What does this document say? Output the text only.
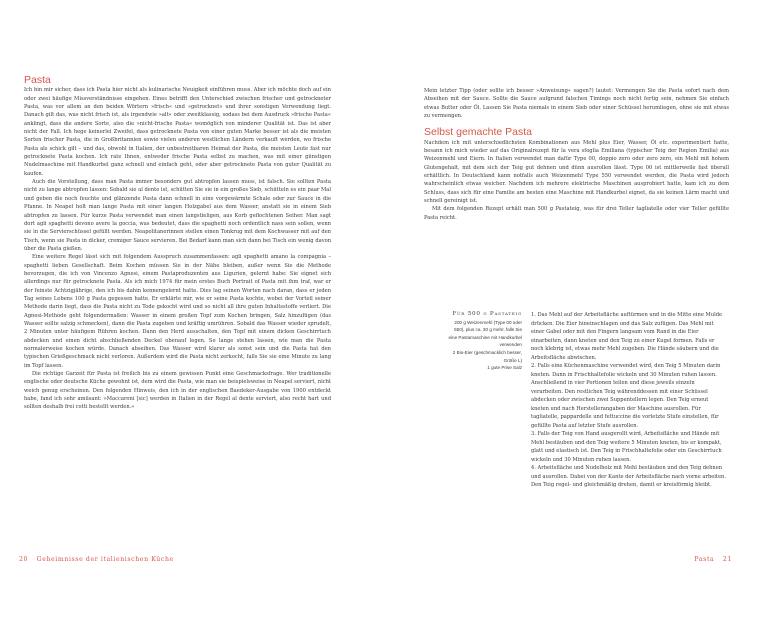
Pasta

Ich bin mir sicher, dass ich Pasta hier nicht als kulinarische Neuigkeit einführen muss. Aber ich möchte doch auf ein oder zwei häufige Missverständnisse eingehen. Eines betrifft den Unterschied zwischen frischer und getrockneter Pasta, was vor allem an den beiden Wörtern »frisch« und »getrocknet« und ihrer sonstigen Verwendung liegt. Danach gilt das, was nicht frisch ist, als irgendwie »alt« oder zweitklassig, sodass bei dem Ausdruck »frische Pasta« anklingt, dass die andere Sorte, also die »nicht-frische Pasta« womöglich von minderer Qualität ist. Das ist aber nicht der Fall. Ich hege keinerlei Zweifel, dass getrocknete Pasta von einer guten Marke besser ist als die meisten Sorten frischer Pasta, die in Großbritannien sowie vielen anderen westlichen Ländern verkauft werden, wo frische Pasta als schick gilt – und das, obwohl in Italien, der unbestreitbaren Heimat der Pasta, die meisten Leute fast nur getrocknete Pasta kochen. Ich rate Ihnen, entweder frische Pasta selbst zu machen, was mit einer günstigen Nudelmaschine mit Handkurbel ganz schnell und einfach geht, oder aber getrocknete Pasta von guter Qualität zu kaufen.

Auch die Vorstellung, dass man Pasta immer besonders gut abtropfen lassen muss, ist falsch. Sie sollten Pasta nicht zu lange abtropfen lassen: Sobald sie al dente ist, schütten Sie sie in ein großes Sieb, schütteln es ein paar Mal und geben die noch feuchte und glänzende Pasta dann schnell in eine vorgewärmte Schale oder zur Sauce in die Pfanne. In Neapel holt man lange Pasta mit einer langen Holzgabel aus dem Wasser, anstatt sie in einem Sieb abtropfen zu lassen. Für kurze Pasta verwendet man einen langstieligen, aus Korb geflochtenen Seiher. Man sagt dort agli spaghetti devono avere la goccia, was bedeutet, dass die spaghetti noch ordentlich nass sein sollen, wenn sie in die Servierschüssel gefüllt werden. Neapolitanerinnen stellen einen Tonkrug mit dem Kochwasser mit auf den Tisch, wenn sie Pasta in dicker, cremiger Sauce servieren. Bei Bedarf kann man sich dann bei Tisch ein wenig davon über die Pasta gießen.

Eine weitere Regel lässt sich mit folgendem Ausspruch zusammenfassen: agli spaghetti amano la compagnia – spaghetti lieben Gesellschaft. Beim Kochen müssen Sie in der Nähe bleiben, außer wenn Sie die Methode bevorzugen, die ich von Vincenzo Agnesi, einem Pastaproduzenten aus Ligurien, gelernt habe: Sie eignet sich allerdings nur für getrocknete Pasta. Als ich mich 1974 für mein erstes Buch Portrait of Pasta mit ihm traf, war er der feinste Achtzigjährige, den ich bis dahin kennengelernt hatte. Dies lag seinen Worten nach daran, dass er jeden Tag seines Lebens 100 g Pasta gegessen hatte. Er erklärte mir, wie er seine Pasta kochte, wobei der Vorteil seiner Methode darin liegt, dass die Pasta nicht zu Tode gekocht wird und so nicht all ihre guten Inhaltsstoffe verliert. Die Agnesi-Methode geht folgendermaßen: Wasser in einem großen Topf zum Kochen bringen, Salz hinzufügen (das Wasser sollte salzig schmecken), dann die Pasta zugeben und kräftig umrühren. Sobald das Wasser wieder sprudelt, 2 Minuten unter häufigem Rühren kochen. Dann den Herd ausschalten, den Topf mit einem dicken Geschirrtuch abdecken und einen dicht abschließenden Deckel obenauf legen. So lange stehen lassen, wie man die Pasta normalerweise kochen würde. Danach abseihen. Das Wasser wird klarer als sonst sein und die Pasta hat den typischen Grießgeschmack nicht verloren. Außerdem wird die Pasta nicht zerkocht, falls Sie sie eine Minute zu lang im Topf lassen.

Die richtige Garzeit für Pasta ist freilich bis zu einem gewissen Punkt eine Geschmacksfrage. Wer traditionelle englische oder deutsche Küche gewohnt ist, dem wird die Pasta, wie man sie beispielsweise in Neapel serviert, nicht weich genug erscheinen. Den folgenden Hinweis, den ich in der englischen Baedeker-Ausgabe von 1900 entdeckt habe, fand ich sehr amüsant: »Maccaroni [sic] werden in Italien in der Regel al dente serviert, also recht hart und sollten deshalb frei cotti bestellt werden.«

20 Geheimnisse der italienischen Küche

Mein letzter Tipp (oder sollte ich besser »Anweisung« sagen?) lautet: Vermengen Sie die Pasta sofort nach dem Abseihen mit der Sauce. Sollte die Sauce aufgrund falschen Timings noch nicht fertig sein, nehmen Sie einfach etwas Butter oder Öl. Lassen Sie Pasta niemals in einem Sieb oder einer Schüssel herumliegen, ohne sie mit etwas zu vermengen.

Selbst gemachte Pasta

Nachdem ich mit unterschiedlichsten Kombinationen aus Mehl plus Eier, Wasser, Öl etc. experimentiert hatte, besann ich mich wieder auf das Originalrezept für la vera sfoglia Emiliana (typischer Teig der Region Emilia) aus Weizenmehl und Eiern. In Italien verwendet man dafür Type 00, doppio zero oder zero zero, ein Mehl mit hohem Glutengehalt, mit dem sich der Teig gut dehnen und dünn ausrollen lässt. Type 00 ist mittlerweile fast überall erhältlich. In Deutschland kann notfalls auch Weizenmehl Type 550 verwendet werden, die Pasta wird jedoch wahrscheinlich etwas weicher. Nachdem ich mehrere elektrische Maschinen ausprobiert hatte, kam ich zu dem Schluss, dass sich für eine Familie am besten eine Maschine mit Handkurbel eignet, da sie keinen Lärm macht und schnell gereinigt ist.

Mit dem folgenden Rezept erhält man 500 g Pastateig, was für drei Teller tagliatelle oder vier Teller gefüllte Pasta reicht.

Für 500 g Pastateig
200 g Weizenmehl (Type 00 oder
550), plus ca. 30 g mehr, falls Sie
eine Pastamaschine mit Handkurbel
verwenden
2 Bio-Eier (geschmacklich besser,
Größe L)
1 gute Prise Salz

1. Das Mehl auf der Arbeitsfläche auftürmen und in die Mitte eine Mulde drücken. Die Eier hineinschlagen und das Salz zufügen. Das Mehl mit einer Gabel oder mit den Fingern langsam vom Rand in die Eier einarbeiten, dann kneten und den Teig zu einer Kugel formen. Falls er noch klebrig ist, etwas mehr Mehl zugeben. Die Hände säubern und die Arbeitsfläche abwischen.

2. Falls eine Küchenmaschine verwendet wird, den Teig 5 Minuten darin kneten. Dann in Frischhaltefolie wickeln und 30 Minuten ruhen lassen. Anschließend in vier Portionen teilen und diese jeweils einzeln verarbeiten. Den restlichen Teig währenddessen mit einer Schüssel abdecken oder zwischen zwei Suppentellern legen. Den Teig erneut kneten und nach Herstellerangaben der Maschine ausrollen. Für tagliatelle, pappardelle und fettuccine die vorletzte Stufe einstellen, für gefüllte Pasta auf letzter Stufe ausrollen.

3. Falls der Teig von Hand ausgerollt wird, Arbeitsfläche und Hände mit Mehl bestäuben und den Teig weitere 5 Minuten kneten, bis er kompakt, glatt und elastisch ist. Den Teig in Frischhaltefolie oder ein Geschirrtuch wickeln und 30 Minuten ruhen lassen.

4. Arbeitsfläche und Nudelholz mit Mehl bestäuben und den Teig dehnen und ausrollen. Dabei von der Kante der Arbeitsfläche nach vorne arbeiten. Den Teig regel- und gleichmäßig drehen, damit er kreisförmig bleibt.

Pasta 21
